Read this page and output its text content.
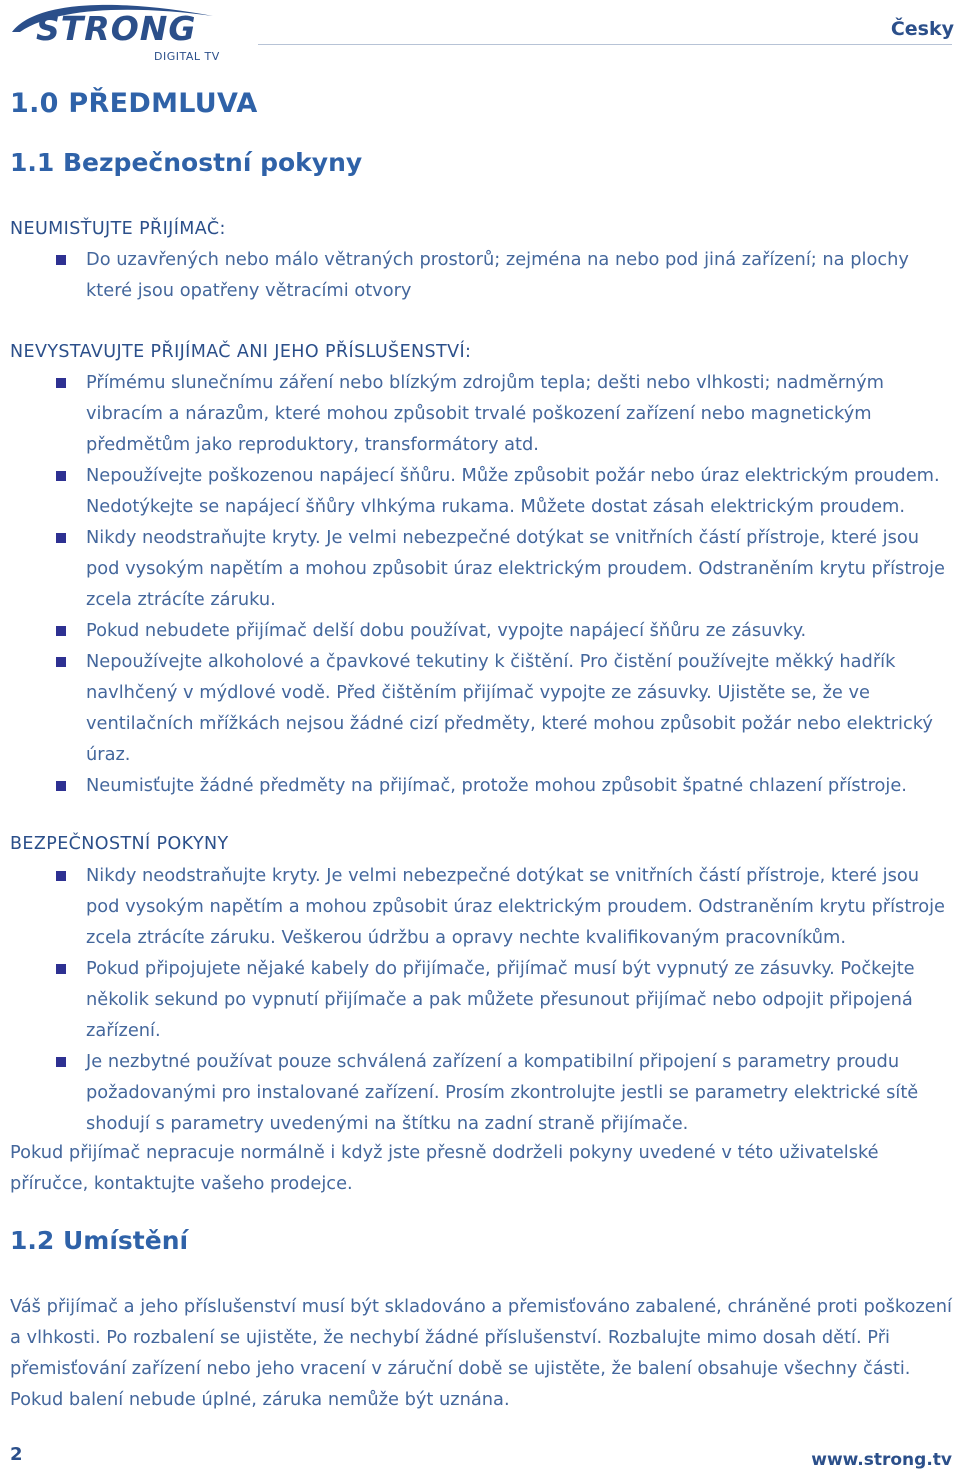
STRONG
DIGITAL TV
Česky
1.0 PŘEDMLUVA
1.1 Bezpečnostní pokyny
NEUMISŤUJTE PŘIJÍMAČ:
Do uzavřených nebo málo větraných prostorů; zejména na nebo pod jiná zařízení; na plochy které jsou opatřeny větracími otvory
NEVYSTAVUJTE PŘIJÍMAČ ANI JEHO PŘÍSLUŠENSTVÍ:
Přímému slunečnímu záření nebo blízkým zdrojům tepla; dešti nebo vlhkosti; nadměrným vibracím a nárazům, které mohou způsobit trvalé poškození zařízení nebo magnetickým předmětům jako reproduktory, transformátory atd.
Nepoužívejte poškozenou napájecí šňůru. Může způsobit požár nebo úraz elektrickým proudem. Nedotýkejte se napájecí šňůry vlhkýma rukama. Můžete dostat zásah elektrickým proudem.
Nikdy neodstraňujte kryty. Je velmi nebezpečné dotýkat se vnitřních částí přístroje, které jsou pod vysokým napětím a mohou způsobit úraz elektrickým proudem. Odstraněním krytu přístroje zcela ztrácíte záruku.
Pokud nebudete přijímač delší dobu používat, vypojte napájecí šňůru ze zásuvky.
Nepoužívejte alkoholové a čpavkové tekutiny k čištění. Pro čistění používejte měkký hadřík navlhčený v mýdlové vodě. Před čištěním přijímač vypojte ze zásuvky. Ujistěte se, že ve ventilačních mřížkách nejsou žádné cizí předměty, které mohou způsobit požár nebo elektrický úraz.
Neumisťujte žádné předměty na přijímač, protože mohou způsobit špatné chlazení přístroje.
BEZPEČNOSTNÍ POKYNY
Nikdy neodstraňujte kryty. Je velmi nebezpečné dotýkat se vnitřních částí přístroje, které jsou pod vysokým napětím a mohou způsobit úraz elektrickým proudem. Odstraněním krytu přístroje zcela ztrácíte záruku. Veškerou údržbu a opravy nechte kvalifikovaným pracovníkům.
Pokud připojujete nějaké kabely do přijímače, přijímač musí být vypnutý ze zásuvky. Počkejte několik sekund po vypnutí přijímače a pak můžete přesunout přijímač nebo odpojit připojená zařízení.
Je nezbytné používat pouze schválená zařízení a kompatibilní připojení s parametry proudu požadovanými pro instalované zařízení. Prosím zkontrolujte jestli se parametry elektrické sítě shodují s parametry uvedenými na štítku na zadní straně přijímače.

Pokud přijímač nepracuje normálně i když jste přesně dodrželi pokyny uvedené v této uživatelské příručce, kontaktujte vašeho prodejce.

1.2 Umístění

Váš přijímač a jeho příslušenství musí být skladováno a přemisťováno zabalené, chráněné proti poškození a vlhkosti. Po rozbalení se ujistěte, že nechybí žádné příslušenství. Rozbalujte mimo dosah dětí. Při přemisťování zařízení nebo jeho vracení v záruční době se ujistěte, že balení obsahuje všechny části. Pokud balení nebude úplné, záruka nemůže být uznána.

2	www.strong.tv
